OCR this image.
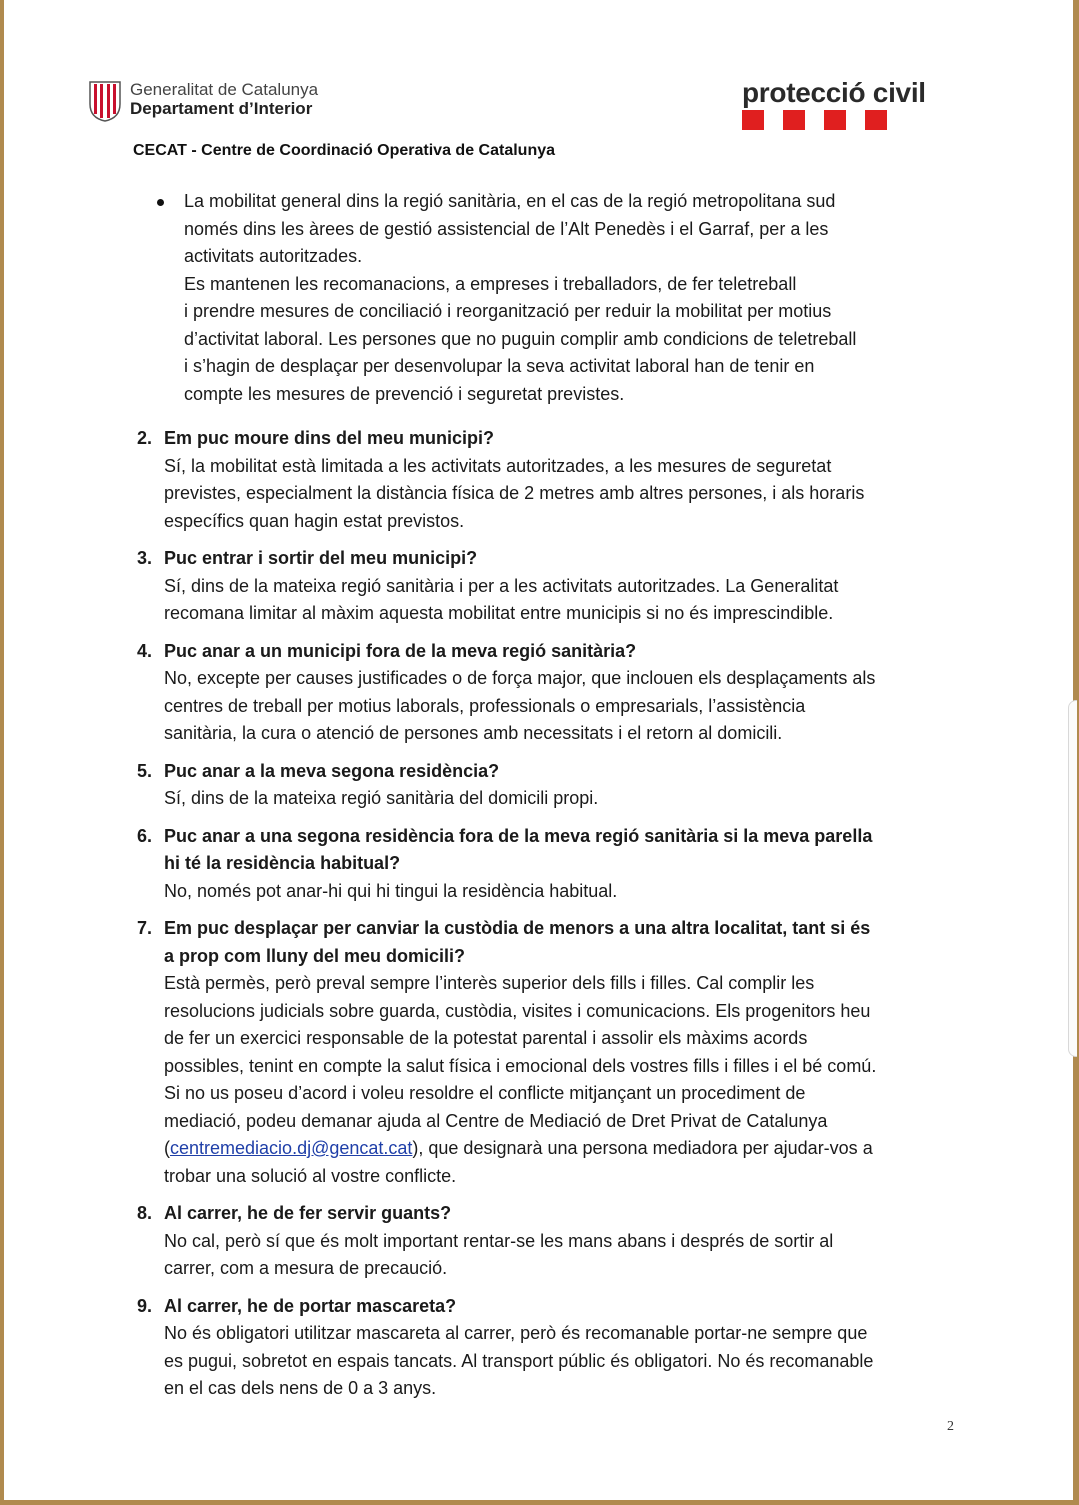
Generalitat de Catalunya
Departament d’Interior
protecció civil
CECAT - Centre de Coordinació Operativa de Catalunya

La mobilitat general dins la regió sanitària, en el cas de la regió metropolitana sud
només dins les àrees de gestió assistencial de l’Alt Penedès i el Garraf, per a les
activitats autoritzades.
Es mantenen les recomanacions, a empreses i treballadors, de fer teletreball
i prendre mesures de conciliació i reorganització per reduir la mobilitat per motius
d’activitat laboral. Les persones que no puguin complir amb condicions de teletreball
i s’hagin de desplaçar per desenvolupar la seva activitat laboral han de tenir en
compte les mesures de prevenció i seguretat previstes.

2. Em puc moure dins del meu municipi?

Sí, la mobilitat està limitada a les activitats autoritzades, a les mesures de seguretat
previstes, especialment la distància física de 2 metres amb altres persones, i als horaris
específics quan hagin estat previstos.

3. Puc entrar i sortir del meu municipi?

Sí, dins de la mateixa regió sanitària i per a les activitats autoritzades. La Generalitat
recomana limitar al màxim aquesta mobilitat entre municipis si no és imprescindible.

4. Puc anar a un municipi fora de la meva regió sanitària?

No, excepte per causes justificades o de força major, que inclouen els desplaçaments als
centres de treball per motius laborals, professionals o empresarials, l’assistència
sanitària, la cura o atenció de persones amb necessitats i el retorn al domicili.

5. Puc anar a la meva segona residència?

Sí, dins de la mateixa regió sanitària del domicili propi.

6. Puc anar a una segona residència fora de la meva regió sanitària si la meva parella
hi té la residència habitual?

No, només pot anar-hi qui hi tingui la residència habitual.

7. Em puc desplaçar per canviar la custòdia de menors a una altra localitat, tant si és
a prop com lluny del meu domicili?

Està permès, però preval sempre l’interès superior dels fills i filles. Cal complir les
resolucions judicials sobre guarda, custòdia, visites i comunicacions. Els progenitors heu
de fer un exercici responsable de la potestat parental i assolir els màxims acords
possibles, tenint en compte la salut física i emocional dels vostres fills i filles i el bé comú.
Si no us poseu d’acord i voleu resoldre el conflicte mitjançant un procediment de
mediació, podeu demanar ajuda al Centre de Mediació de Dret Privat de Catalunya
(centremediacio.dj@gencat.cat), que designarà una persona mediadora per ajudar-vos a
trobar una solució al vostre conflicte.

8. Al carrer, he de fer servir guants?

No cal, però sí que és molt important rentar-se les mans abans i després de sortir al
carrer, com a mesura de precaució.

9. Al carrer, he de portar mascareta?

No és obligatori utilitzar mascareta al carrer, però és recomanable portar-ne sempre que
es pugui, sobretot en espais tancats. Al transport públic és obligatori. No és recomanable
en el cas dels nens de 0 a 3 anys.

2
